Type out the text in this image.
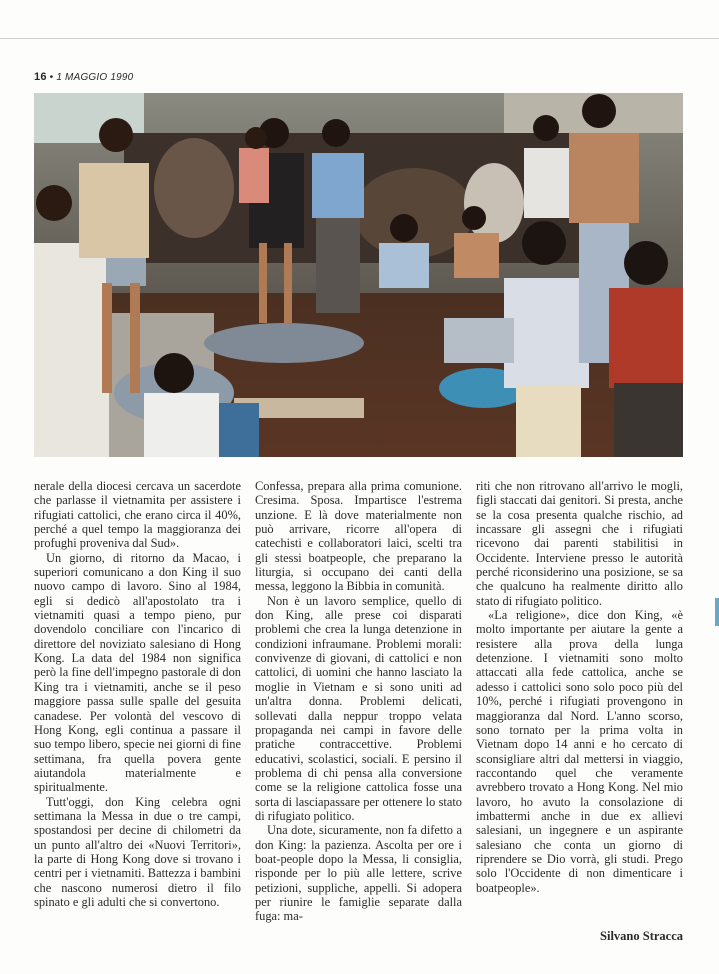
16 • 1 MAGGIO 1990

nerale della diocesi cercava un sacerdote che parlasse il vietnamita per assistere i rifugiati cattolici, che erano circa il 40%, perché a quel tempo la maggioranza dei profughi proveniva dal Sud».

Un giorno, di ritorno da Macao, i superiori comunicano a don King il suo nuovo campo di lavoro. Sino al 1984, egli si dedicò all'apostolato tra i vietnamiti quasi a tempo pieno, pur dovendolo conciliare con l'incarico di direttore del noviziato salesiano di Hong Kong. La data del 1984 non significa però la fine dell'impegno pastorale di don King tra i vietnamiti, anche se il peso maggiore passa sulle spalle del gesuita canadese. Per volontà del vescovo di Hong Kong, egli continua a passare il suo tempo libero, specie nei giorni di fine settimana, fra quella povera gente aiutandola materialmente e spiritualmente.

Tutt'oggi, don King celebra ogni settimana la Messa in due o tre campi, spostandosi per decine di chilometri da un punto all'altro dei «Nuovi Territori», la parte di Hong Kong dove si trovano i centri per i vietnamiti. Battezza i bambini che nascono numerosi dietro il filo spinato e gli adulti che si convertono.

Confessa, prepara alla prima comunione. Cresima. Sposa. Impartisce l'estrema unzione. E là dove materialmente non può arrivare, ricorre all'opera di catechisti e collaboratori laici, scelti tra gli stessi boatpeople, che preparano la liturgia, si occupano dei canti della messa, leggono la Bibbia in comunità.

Non è un lavoro semplice, quello di don King, alle prese coi disparati problemi che crea la lunga detenzione in condizioni infraumane. Problemi morali: convivenze di giovani, di cattolici e non cattolici, di uomini che hanno lasciato la moglie in Vietnam e si sono uniti ad un'altra donna. Problemi delicati, sollevati dalla neppur troppo velata propaganda nei campi in favore delle pratiche contraccettive. Problemi educativi, scolastici, sociali. E persino il problema di chi pensa alla conversione come se la religione cattolica fosse una sorta di lasciapassare per ottenere lo stato di rifugiato politico.

Una dote, sicuramente, non fa difetto a don King: la pazienza. Ascolta per ore i boat-people dopo la Messa, li consiglia, risponde per lo più alle lettere, scrive petizioni, suppliche, appelli. Si adopera per riunire le famiglie separate dalla fuga: ma-

riti che non ritrovano all'arrivo le mogli, figli staccati dai genitori. Si presta, anche se la cosa presenta qualche rischio, ad incassare gli assegni che i rifugiati ricevono dai parenti stabilitisi in Occidente. Interviene presso le autorità perché riconsiderino una posizione, se sa che qualcuno ha realmente diritto allo stato di rifugiato politico.

«La religione», dice don King, «è molto importante per aiutare la gente a resistere alla prova della lunga detenzione. I vietnamiti sono molto attaccati alla fede cattolica, anche se adesso i cattolici sono solo poco più del 10%, perché i rifugiati provengono in maggioranza dal Nord. L'anno scorso, sono tornato per la prima volta in Vietnam dopo 14 anni e ho cercato di sconsigliare altri dal mettersi in viaggio, raccontando quel che veramente avrebbero trovato a Hong Kong. Nel mio lavoro, ho avuto la consolazione di imbattermi anche in due ex allievi salesiani, un ingegnere e un aspirante salesiano che conta un giorno di riprendere se Dio vorrà, gli studi. Prego solo l'Occidente di non dimenticare i boatpeople».

Silvano Stracca
